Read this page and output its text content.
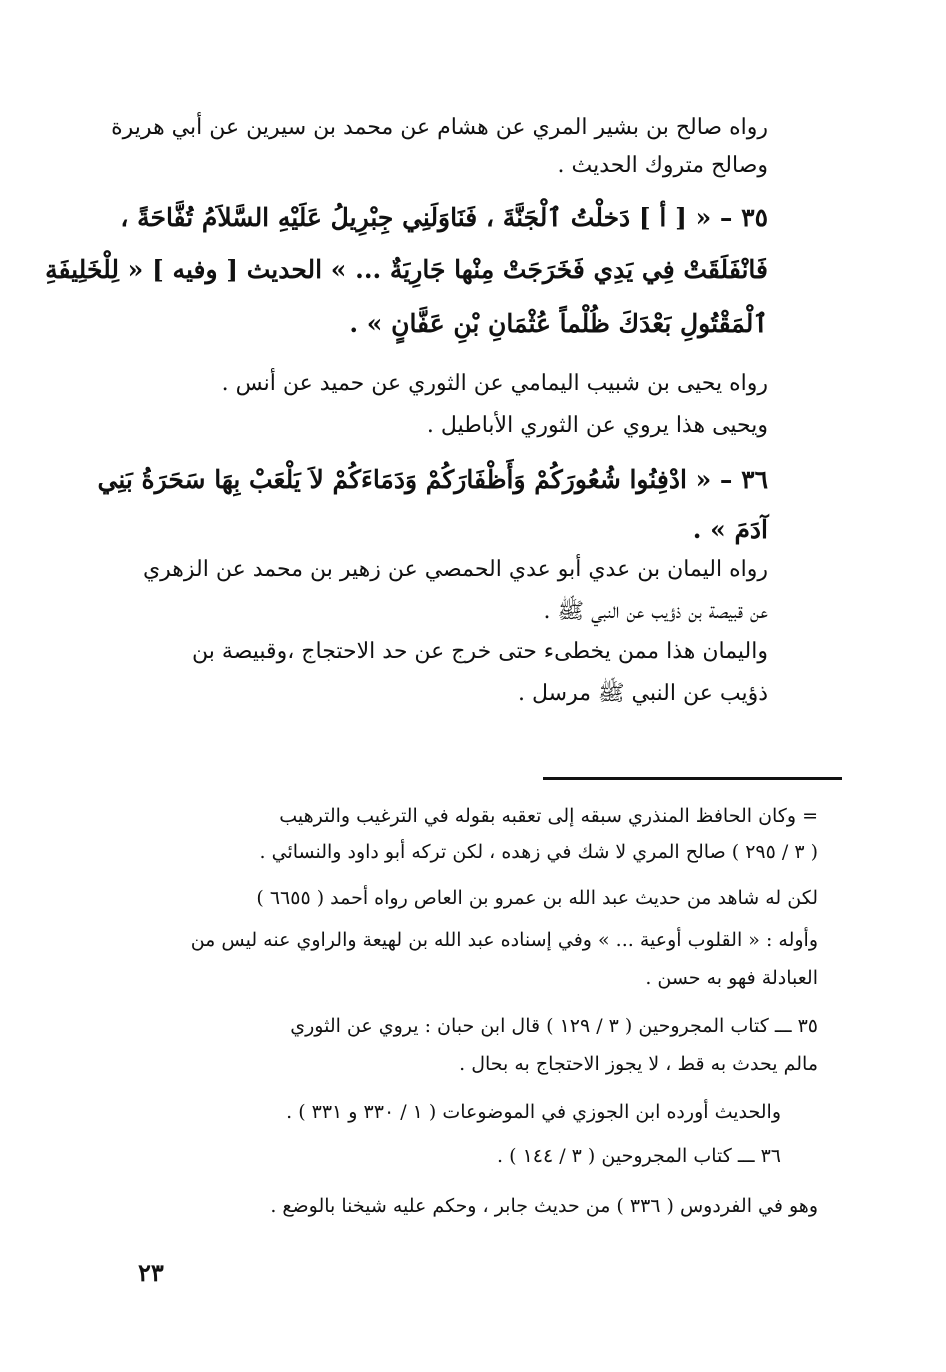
رواه صالح بن بشير المري عن هشام عن محمد بن سيرين عن أبي هريرة
وصالح متروك الحديث .
٣٥ – « [ أ ] دَخلْتُ ٱلْجَنَّةَ ، فَنَاوَلَنِي جِبْرِيلُ عَلَيْهِ السَّلاَمُ تُفَّاحَةً ،
فَانْفَلَقَتْ فِي يَدِي فَخَرَجَتْ مِنْها جَارِيَةٌ ... » الحديث [ وفيه ] « لِلْخَلِيفَةِ
ٱلْمَقْتُولِ بَعْدَكَ ظُلْماً عُثْمَانِ بْنِ عَفَّانٍ » .
رواه يحيى بن شبيب اليمامي عن الثوري عن حميد عن أنس .
ويحيى هذا يروي عن الثوري الأباطيل .
٣٦ – « ادْفِنُوا شُعُورَكُمْ وَأَظْفَارَكُمْ وَدَمَاءَكُمْ لاَ يَلْعَبْ بِهَا سَحَرَةُ بَنِي
آدَمَ » .
رواه اليمان بن عدي أبو عدي الحمصي عن زهير بن محمد عن الزهري
عن قبيصة بن ذؤيب عن النبي ﷺ .
واليمان هذا ممن يخطىء حتى خرج عن حد الاحتجاج ،وقبيصة بن
ذؤيب عن النبي ﷺ مرسل .
= وكان الحافظ المنذري سبقه إلى تعقبه بقوله في الترغيب والترهيب
( ٣ / ٢٩٥ ) صالح المري لا شك في زهده ، لكن تركه أبو داود والنسائي .
لكن له شاهد من حديث عبد الله بن عمرو بن العاص رواه أحمد ( ٦٦٥٥ )
وأوله : « القلوب أوعية ... » وفي إسناده عبد الله بن لهيعة والراوي عنه ليس من
العبادلة فهو به حسن .
٣٥ ـــ كتاب المجروحين ( ٣ / ١٢٩ ) قال ابن حبان : يروي عن الثوري
مالم يحدث به قط ، لا يجوز الاحتجاج به بحال .
والحديث أورده ابن الجوزي في الموضوعات ( ١ / ٣٣٠ و ٣٣١ ) .
٣٦ ـــ كتاب المجروحين ( ٣ / ١٤٤ ) .
وهو في الفردوس ( ٣٣٦ ) من حديث جابر ، وحكم عليه شيخنا بالوضع .
٢٣
